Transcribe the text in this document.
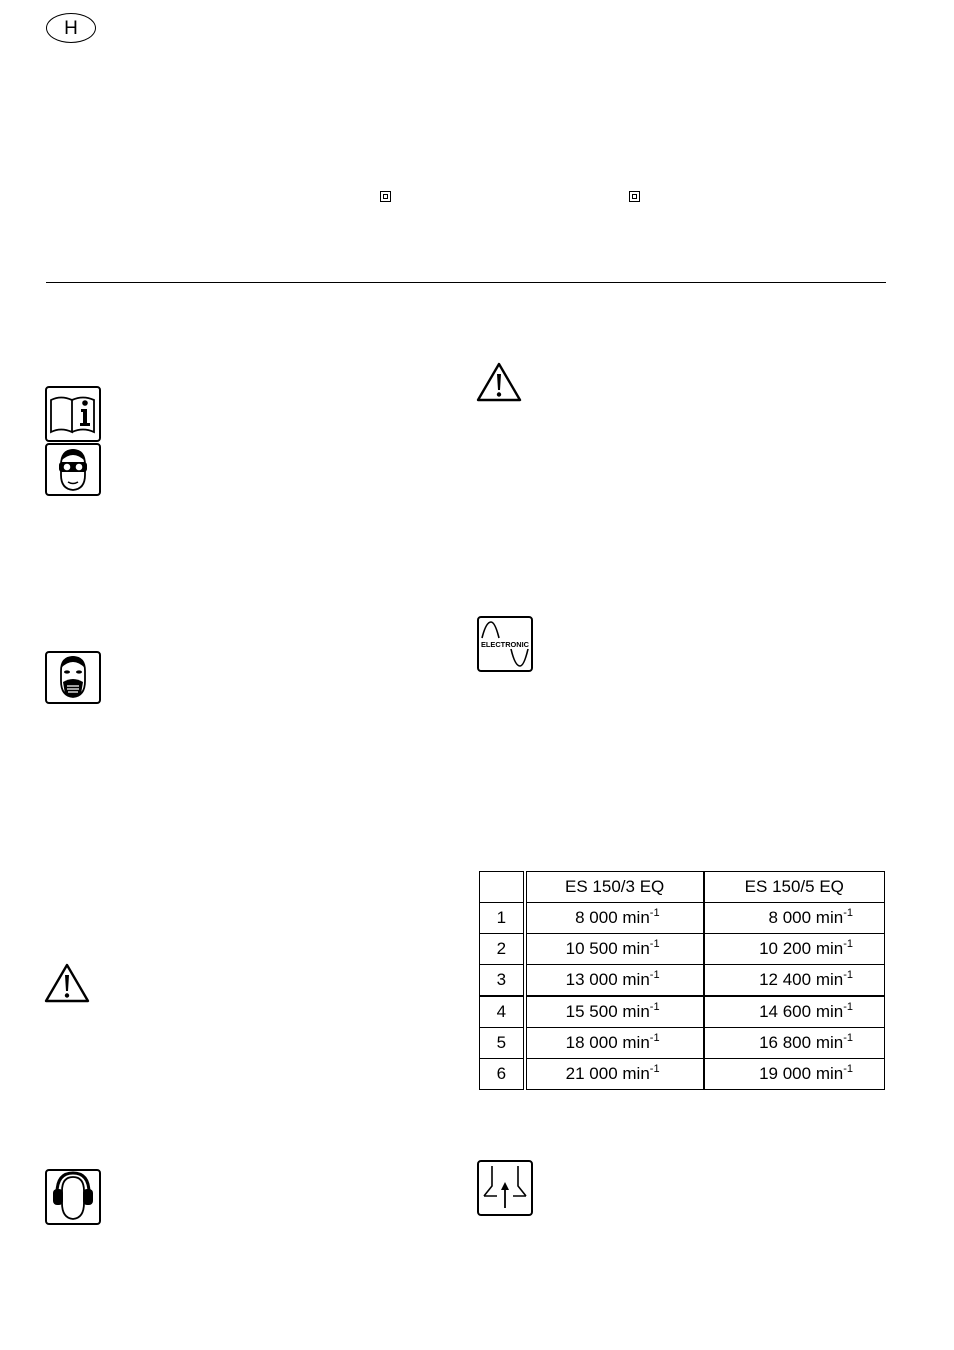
H
ELECTRONIC
	ES 150/3 EQ	ES 150/5 EQ
1	8 000 $\min^{-1}$	8 000 $\min^{-1}$
2	10 500 $\min^{-1}$	10 200 $\min^{-1}$
3	13 000 $\min^{-1}$	12 400 $\min^{-1}$
4	15 500 $\min^{-1}$	14 600 $\min^{-1}$
5	18 000 $\min^{-1}$	16 800 $\min^{-1}$
6	21 000 $\min^{-1}$	19 000 $\min^{-1}$
